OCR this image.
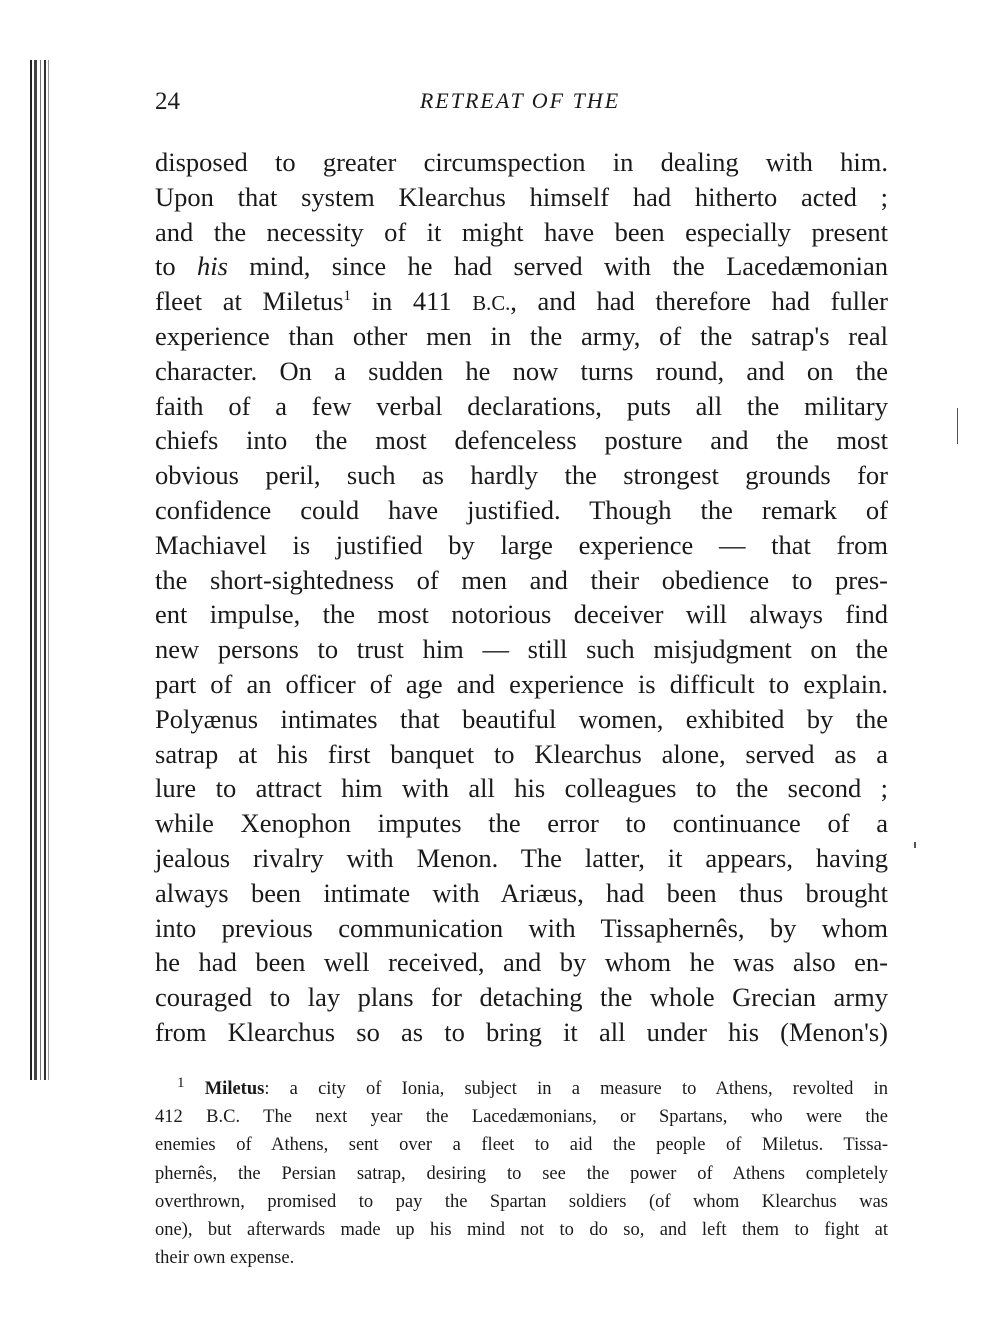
24	RETREAT OF THE
disposed to greater circumspection in dealing with him.
Upon that system Klearchus himself had hitherto acted ;
and the necessity of it might have been especially present
to his mind, since he had served with the Lacedæmonian
fleet at Miletus$^1$ in 411 B.C., and had therefore had fuller
experience than other men in the army, of the satrap's real
character. On a sudden he now turns round, and on the
faith of a few verbal declarations, puts all the military
chiefs into the most defenceless posture and the most
obvious peril, such as hardly the strongest grounds for
confidence could have justified. Though the remark of
Machiavel is justified by large experience — that from
the short-sightedness of men and their obedience to pres-
ent impulse, the most notorious deceiver will always find
new persons to trust him — still such misjudgment on the
part of an officer of age and experience is difficult to explain.
Polyænus intimates that beautiful women, exhibited by the
satrap at his first banquet to Klearchus alone, served as a
lure to attract him with all his colleagues to the second ;
while Xenophon imputes the error to continuance of a
jealous rivalry with Menon. The latter, it appears, having
always been intimate with Ariæus, had been thus brought
into previous communication with Tissaphernês, by whom
he had been well received, and by whom he was also en-
couraged to lay plans for detaching the whole Grecian army
from Klearchus so as to bring it all under his (Menon's)
$^1$ Miletus: a city of Ionia, subject in a measure to Athens, revolted in
412 B.C. The next year the Lacedæmonians, or Spartans, who were the
enemies of Athens, sent over a fleet to aid the people of Miletus. Tissa-
phernês, the Persian satrap, desiring to see the power of Athens completely
overthrown, promised to pay the Spartan soldiers (of whom Klearchus was
one), but afterwards made up his mind not to do so, and left them to fight at
their own expense.
